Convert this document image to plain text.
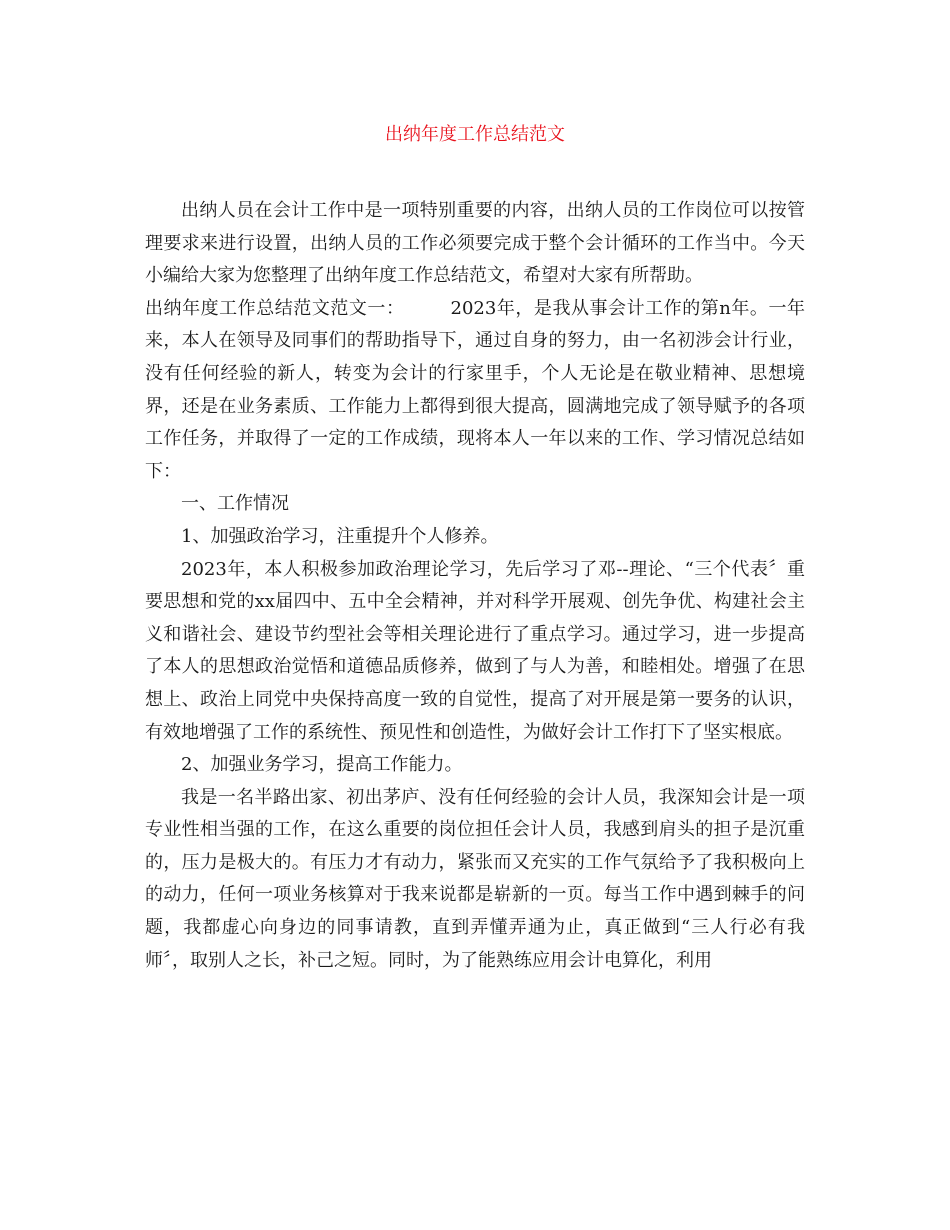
出纳年度工作总结范文

出纳人员在会计工作中是一项特别重要的内容，出纳人员的工作岗位可以按管理要求来进行设置，出纳人员的工作必须要完成于整个会计循环的工作当中。今天小编给大家为您整理了出纳年度工作总结范文，希望对大家有所帮助。

出纳年度工作总结范文范文一：	2023年，是我从事会计工作的第n年。一年来，本人在领导及同事们的帮助指导下，通过自身的努力，由一名初涉会计行业，没有任何经验的新人，转变为会计的行家里手，个人无论是在敬业精神、思想境界，还是在业务素质、工作能力上都得到很大提高，圆满地完成了领导赋予的各项工作任务，并取得了一定的工作成绩，现将本人一年以来的工作、学习情况总结如下：

一、工作情况

1、加强政治学习，注重提升个人修养。

2023年，本人积极参加政治理论学习，先后学习了邓--理论、“三个代表〞重要思想和党的xx届四中、五中全会精神，并对科学开展观、创先争优、构建社会主义和谐社会、建设节约型社会等相关理论进行了重点学习。通过学习，进一步提高了本人的思想政治觉悟和道德品质修养，做到了与人为善，和睦相处。增强了在思想上、政治上同党中央保持高度一致的自觉性，提高了对开展是第一要务的认识，有效地增强了工作的系统性、预见性和创造性，为做好会计工作打下了坚实根底。

2、加强业务学习，提高工作能力。

我是一名半路出家、初出茅庐、没有任何经验的会计人员，我深知会计是一项专业性相当强的工作，在这么重要的岗位担任会计人员，我感到肩头的担子是沉重的，压力是极大的。有压力才有动力，紧张而又充实的工作气氛给予了我积极向上的动力，任何一项业务核算对于我来说都是崭新的一页。每当工作中遇到棘手的问题，我都虚心向身边的同事请教，直到弄懂弄通为止，真正做到“三人行必有我师〞，取别人之长，补己之短。同时，为了能熟练应用会计电算化，利用
